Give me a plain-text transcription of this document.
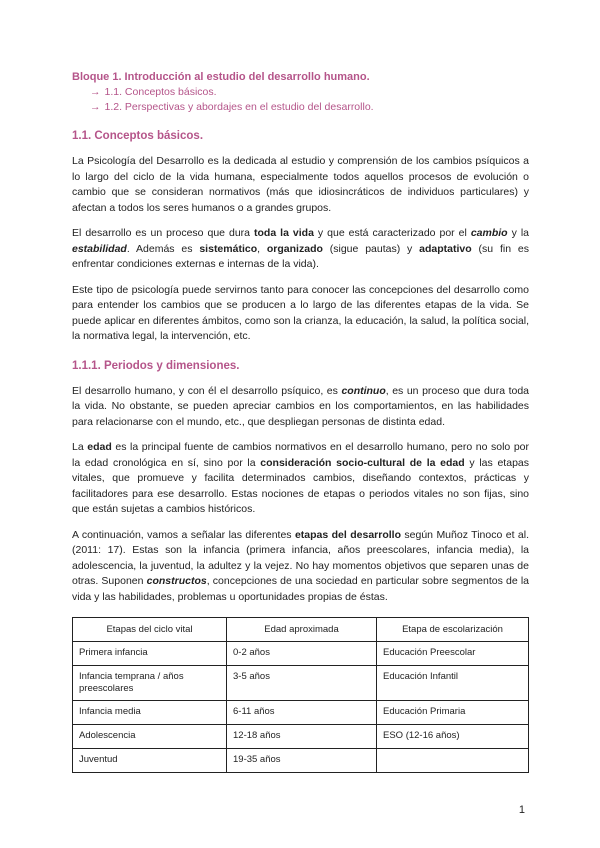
Bloque 1. Introducción al estudio del desarrollo humano.
→ 1.1. Conceptos básicos.
→ 1.2. Perspectivas y abordajes en el estudio del desarrollo.
1.1. Conceptos básicos.

La Psicología del Desarrollo es la dedicada al estudio y comprensión de los cambios psíquicos a lo largo del ciclo de la vida humana, especialmente todos aquellos procesos de evolución o cambio que se consideran normativos (más que idiosincráticos de individuos particulares) y afectan a todos los seres humanos o a grandes grupos.

El desarrollo es un proceso que dura toda la vida y que está caracterizado por el cambio y la estabilidad. Además es sistemático, organizado (sigue pautas) y adaptativo (su fin es enfrentar condiciones externas e internas de la vida).

Este tipo de psicología puede servirnos tanto para conocer las concepciones del desarrollo como para entender los cambios que se producen a lo largo de las diferentes etapas de la vida. Se puede aplicar en diferentes ámbitos, como son la crianza, la educación, la salud, la política social, la normativa legal, la intervención, etc.

1.1.1. Periodos y dimensiones.

El desarrollo humano, y con él el desarrollo psíquico, es continuo, es un proceso que dura toda la vida. No obstante, se pueden apreciar cambios en los comportamientos, en las habilidades para relacionarse con el mundo, etc., que despliegan personas de distinta edad.

La edad es la principal fuente de cambios normativos en el desarrollo humano, pero no solo por la edad cronológica en sí, sino por la consideración socio-cultural de la edad y las etapas vitales, que promueve y facilita determinados cambios, diseñando contextos, prácticas y facilitadores para ese desarrollo. Estas nociones de etapas o periodos vitales no son fijas, sino que están sujetas a cambios históricos.

A continuación, vamos a señalar las diferentes etapas del desarrollo según Muñoz Tinoco et al. (2011: 17). Estas son la infancia (primera infancia, años preescolares, infancia media), la adolescencia, la juventud, la adultez y la vejez. No hay momentos objetivos que separen unas de otras. Suponen constructos, concepciones de una sociedad en particular sobre segmentos de la vida y las habilidades, problemas u oportunidades propias de éstas.

Etapas del ciclo vital	Edad aproximada	Etapa de escolarización
Primera infancia	0-2 años	Educación Preescolar
Infancia temprana / años preescolares	3-5 años	Educación Infantil
Infancia media	6-11 años	Educación Primaria
Adolescencia	12-18 años	ESO (12-16 años)
Juventud	19-35 años	
1
